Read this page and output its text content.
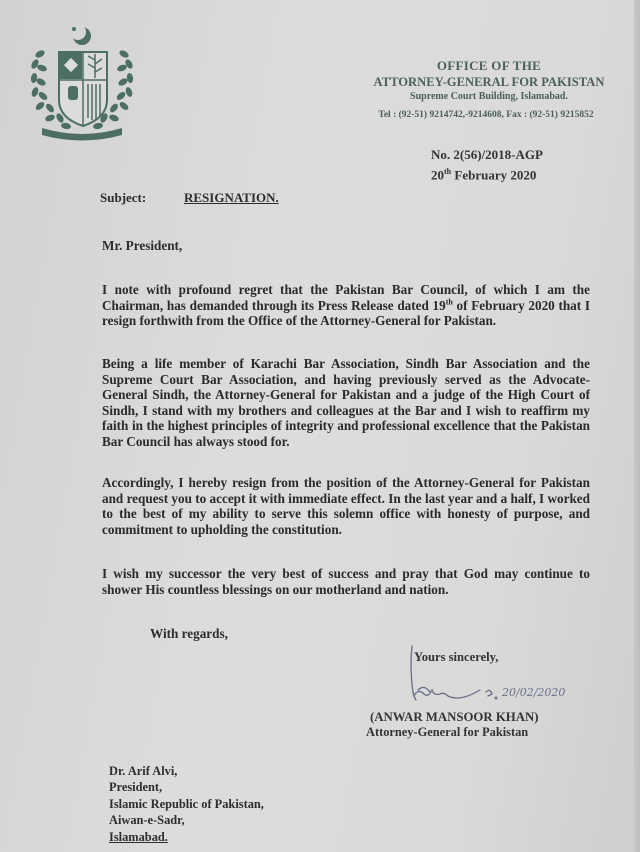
OFFICE OF THE
ATTORNEY-GENERAL FOR PAKISTAN
Supreme Court Building, Islamabad.
Tel : (92-51) 9214742,-9214608, Fax : (92-51) 9215852
No. 2(56)/2018-AGP
20th February 2020
Subject:	RESIGNATION.
Mr. President,
I note with profound regret that the Pakistan Bar Council, of which I am the Chairman, has demanded through its Press Release dated 19th of February 2020 that I resign forthwith from the Office of the Attorney-General for Pakistan.
Being a life member of Karachi Bar Association, Sindh Bar Association and the Supreme Court Bar Association, and having previously served as the Advocate-General Sindh, the Attorney-General for Pakistan and a judge of the High Court of Sindh, I stand with my brothers and colleagues at the Bar and I wish to reaffirm my faith in the highest principles of integrity and professional excellence that the Pakistan Bar Council has always stood for.
Accordingly, I hereby resign from the position of the Attorney-General for Pakistan and request you to accept it with immediate effect. In the last year and a half, I worked to the best of my ability to serve this solemn office with honesty of purpose, and commitment to upholding the constitution.
I wish my successor the very best of success and pray that God may continue to shower His countless blessings on our motherland and nation.
With regards,
20/02/2020
Yours sincerely,
(ANWAR MANSOOR KHAN)
Attorney-General for Pakistan
Dr. Arif Alvi,
President,
Islamic Republic of Pakistan,
Aiwan-e-Sadr,
Islamabad.
